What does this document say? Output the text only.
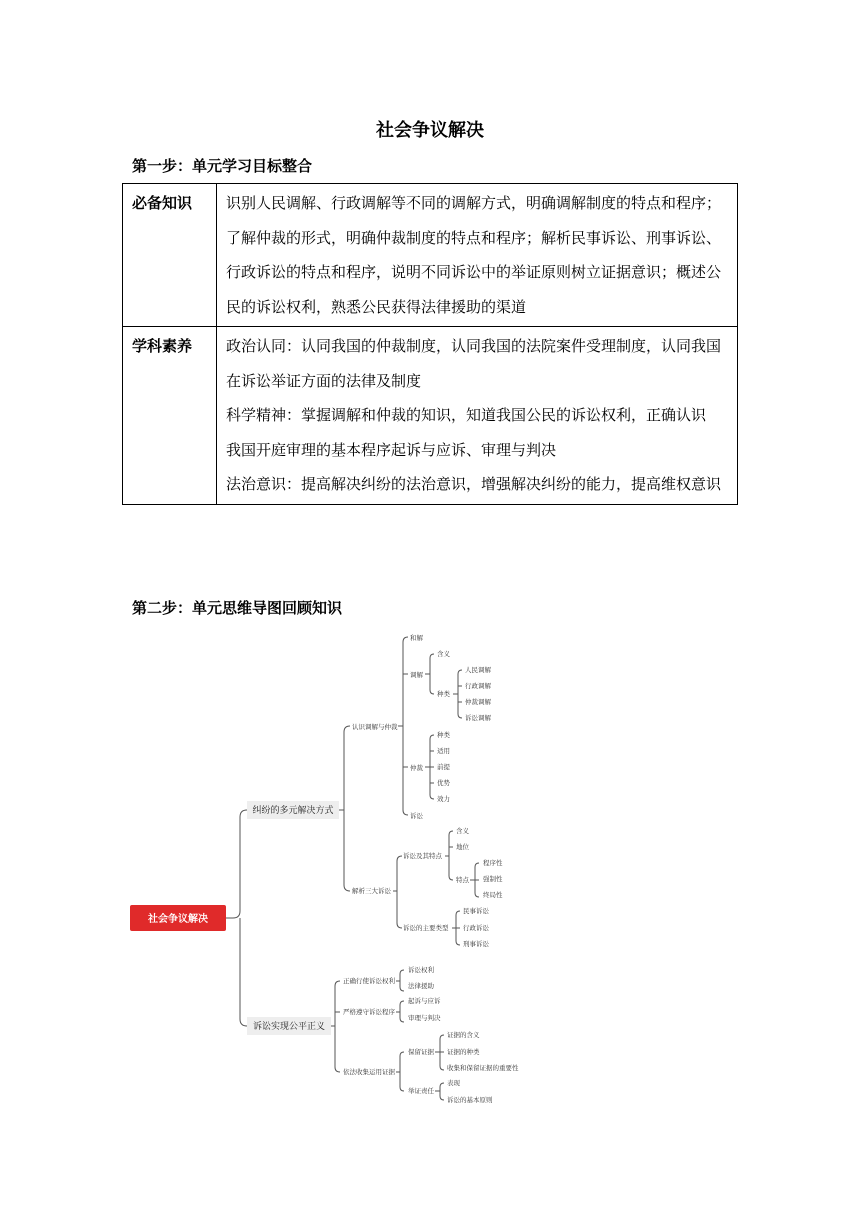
社会争议解决
第一步：单元学习目标整合
必备知识	识别人民调解、行政调解等不同的调解方式，明确调解制度的特点和程序；了解仲裁的形式，明确仲裁制度的特点和程序；解析民事诉讼、刑事诉讼、行政诉讼的特点和程序，说明不同诉讼中的举证原则树立证据意识；概述公民的诉讼权利，熟悉公民获得法律援助的渠道
学科素养	政治认同：认同我国的仲裁制度，认同我国的法院案件受理制度，认同我国在诉讼举证方面的法律及制度

科学精神：掌握调解和仲裁的知识，知道我国公民的诉讼权利，正确认识

我国开庭审理的基本程序起诉与应诉、审理与判决

法治意识：提高解决纠纷的法治意识，增强解决纠纷的能力，提高维权意识

第二步：单元思维导图回顾知识
社会争议解决
纠纷的多元解决方式
认识调解与仲裁
解析三大诉讼
和解
调解
仲裁
诉讼
含义
种类
人民调解
行政调解
仲裁调解
诉讼调解
种类
适用
前提
优势
效力
诉讼及其特点
诉讼的主要类型
含义
地位
特点
程序性
强制性
终局性
民事诉讼
行政诉讼
刑事诉讼
诉讼实现公平正义
正确行使诉讼权利
严格遵守诉讼程序
依法收集运用证据
诉讼权利
法律援助
起诉与应诉
审理与判决
保留证据
举证责任
证据的含义
证据的种类
收集和保留证据的重要性
表现
诉讼的基本原则
